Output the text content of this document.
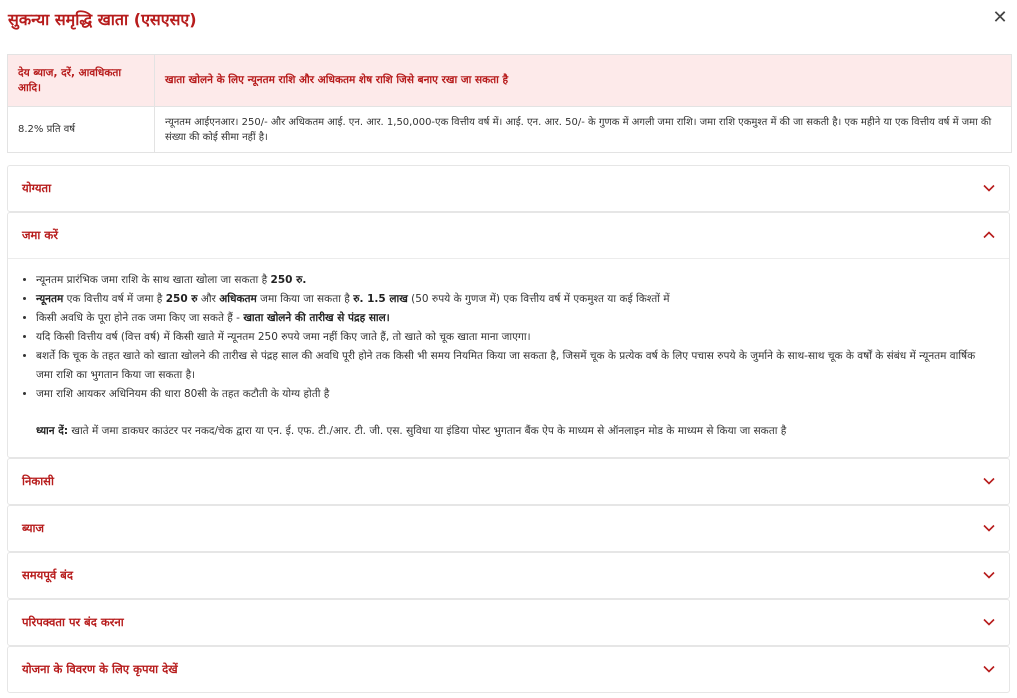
सुकन्या समृद्धि खाता (एसएसए)	✕
देय ब्याज, दरें, आवधिकता आदि।	खाता खोलने के लिए न्यूनतम राशि और अधिकतम शेष राशि जिसे बनाए रखा जा सकता है
8.2% प्रति वर्ष	न्यूनतम आईएनआर। 250/- और अधिकतम आई. एन. आर. 1,50,000-एक वित्तीय वर्ष में। आई. एन. आर. 50/- के गुणक में अगली जमा राशि। जमा राशि एकमुश्त में की जा सकती है। एक महीने या एक वित्तीय वर्ष में जमा की संख्या की कोई सीमा नहीं है।
योग्यता
जमा करें
• न्यूनतम प्रारंभिक जमा राशि के साथ खाता खोला जा सकता है 250 रु.
• न्यूनतम एक वित्तीय वर्ष में जमा है 250 रु और अधिकतम जमा किया जा सकता है रु. 1.5 लाख (50 रुपये के गुणज में) एक वित्तीय वर्ष में एकमुश्त या कई किश्तों में
• किसी अवधि के पूरा होने तक जमा किए जा सकते हैं - खाता खोलने की तारीख से पंद्रह साल।
• यदि किसी वित्तीय वर्ष (वित्त वर्ष) में किसी खाते में न्यूनतम 250 रुपये जमा नहीं किए जाते हैं, तो खाते को चूक खाता माना जाएगा।
• बशर्ते कि चूक के तहत खाते को खाता खोलने की तारीख से पंद्रह साल की अवधि पूरी होने तक किसी भी समय नियमित किया जा सकता है, जिसमें चूक के प्रत्येक वर्ष के लिए पचास रुपये के जुर्माने के साथ-साथ चूक के वर्षों के संबंध में न्यूनतम वार्षिक जमा राशि का भुगतान किया जा सकता है।
• जमा राशि आयकर अधिनियम की धारा 80सी के तहत कटौती के योग्य होती है
ध्यान दें: खाते में जमा डाकघर काउंटर पर नकद/चेक द्वारा या एन. ई. एफ. टी./आर. टी. जी. एस. सुविधा या इंडिया पोस्ट भुगतान बैंक ऐप के माध्यम से ऑनलाइन मोड के माध्यम से किया जा सकता है
निकासी
ब्याज
समयपूर्व बंद
परिपक्वता पर बंद करना
योजना के विवरण के लिए कृपया देखें
